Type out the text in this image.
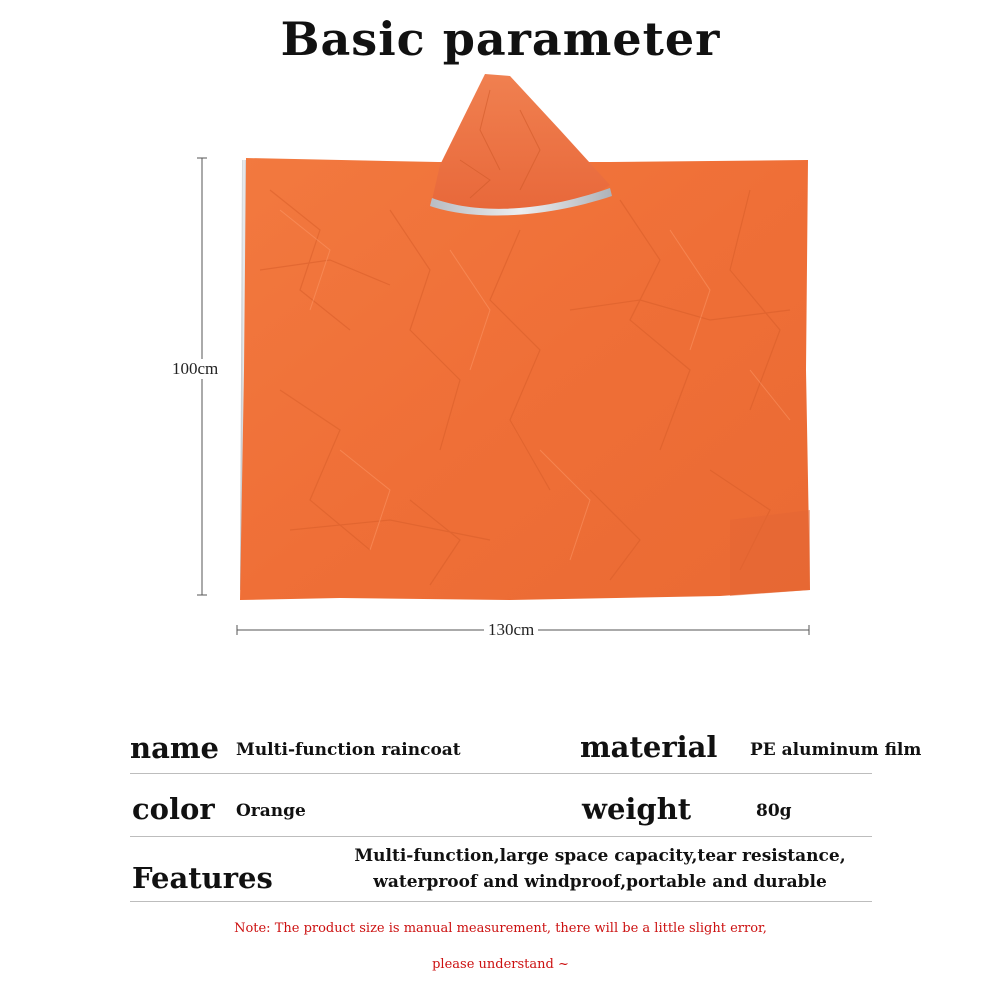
Basic parameter
100cm
130cm
name Multi-function raincoat	material PE aluminum film
color Orange	weight	80g
Features
Multi-function,large space capacity,tear resistance,
waterproof and windproof,portable and durable
Note: The product size is manual measurement, there will be a little slight error,
please understand ~
